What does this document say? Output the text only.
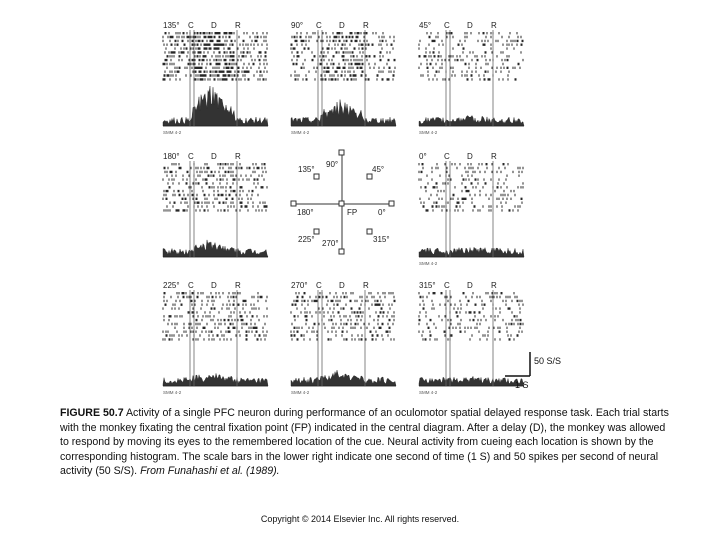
135° C D R
SMM 4-2
90° C D R
SMM 4-2
45° C D R
SMM 4-2
180° C D R	0° C D R
SMM 4-2
225° C D R
SMM 4-2
270° C D R
SMM 4-2
315° C D R
SMM 4-2
90°
45°
135°
180°	FP	0°
225° 270°	315°
50 S/S
1 S
FIGURE 50.7 Activity of a single PFC neuron during performance of an oculomotor spatial delayed response task. Each trial starts with the monkey fixating the central fixation point (FP) indicated in the central diagram. After a delay (D), the monkey was allowed to respond by moving its eyes to the remembered location of the cue. Neural activity from cueing each location is shown by the corresponding histogram. The scale bars in the lower right indicate one second of time (1 S) and 50 spikes per second of neural activity (50 S/S). From Funahashi et al. (1989).
Copyright © 2014 Elsevier Inc. All rights reserved.
